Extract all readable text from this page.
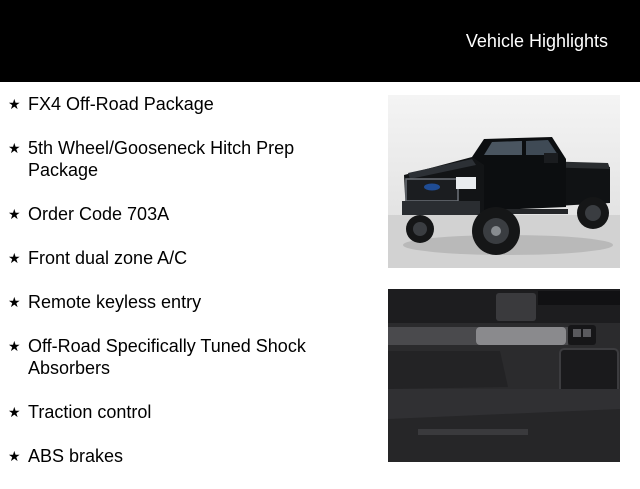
Vehicle Highlights
★ FX4 Off-Road Package
★ 5th Wheel/Gooseneck Hitch Prep Package
★ Order Code 703A
★ Front dual zone A/C
★ Remote keyless entry
★ Off-Road Specifically Tuned Shock Absorbers
★ Traction control
★ ABS brakes
